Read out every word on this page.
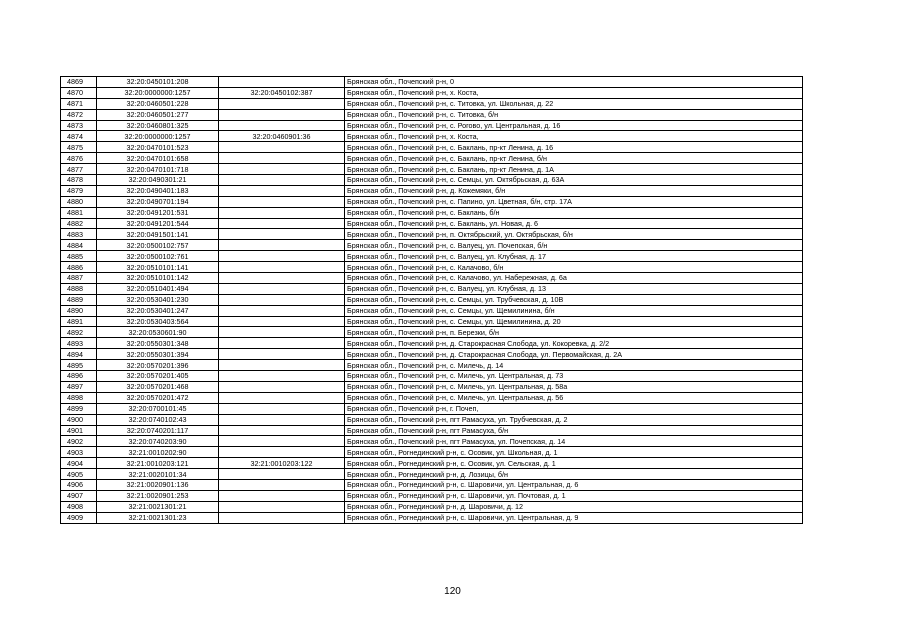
4869	32:20:0450101:208		Брянская обл., Почепский р-н, 0
4870	32:20:0000000:1257	32:20:0450102:387	Брянская обл., Почепский р-н, х. Коста,
4871	32:20:0460501:228		Брянская обл., Почепский р-н, с. Титовка, ул. Школьная, д. 22
4872	32:20:0460501:277		Брянская обл., Почепский р-н, с. Титовка, б/н
4873	32:20:0460801:325		Брянская обл., Почепский р-н, с. Рогово, ул. Центральная, д. 16
4874	32:20:0000000:1257	32:20:0460901:36	Брянская обл., Почепский р-н, х. Коста,
4875	32:20:0470101:523		Брянская обл., Почепский р-н, с. Баклань, пр-кт Ленина, д. 16
4876	32:20:0470101:658		Брянская обл., Почепский р-н, с. Баклань, пр-кт Ленина, б/н
4877	32:20:0470101:718		Брянская обл., Почепский р-н, с. Баклань, пр-кт Ленина, д. 1А
4878	32:20:0490301:21		Брянская обл., Почепский р-н, с. Семцы, ул. Октябрьская, д. 63А
4879	32:20:0490401:183		Брянская обл., Почепский р-н, д. Кожемяки, б/н
4880	32:20:0490701:194		Брянская обл., Почепский р-н, с. Папино, ул. Цветная, б/н, стр. 17А
4881	32:20:0491201:531		Брянская обл., Почепский р-н, с. Баклань, б/н
4882	32:20:0491201:544		Брянская обл., Почепский р-н, с. Баклань, ул. Новая, д. 6
4883	32:20:0491501:141		Брянская обл., Почепский р-н, п. Октябрьский, ул. Октябрьская, б/н
4884	32:20:0500102:757		Брянская обл., Почепский р-н, с. Валуец, ул. Почепская, б/н
4885	32:20:0500102:761		Брянская обл., Почепский р-н, с. Валуец, ул. Клубная, д. 17
4886	32:20:0510101:141		Брянская обл., Почепский р-н, с. Калачово, б/н
4887	32:20:0510101:142		Брянская обл., Почепский р-н, с. Калачово, ул. Набережная, д. 6а
4888	32:20:0510401:494		Брянская обл., Почепский р-н, с. Валуец, ул. Клубная, д. 13
4889	32:20:0530401:230		Брянская обл., Почепский р-н, с. Семцы, ул. Трубчевская, д. 10В
4890	32:20:0530401:247		Брянская обл., Почепский р-н, с. Семцы, ул. Щемилинина, б/н
4891	32:20:0530403:564		Брянская обл., Почепский р-н, с. Семцы, ул. Щемилинина, д. 20
4892	32:20:0530601:90		Брянская обл., Почепский р-н, п. Березки, б/н
4893	32:20:0550301:348		Брянская обл., Почепский р-н, д. Старокрасная Слобода, ул. Кокоревка, д. 2/2
4894	32:20:0550301:394		Брянская обл., Почепский р-н, д. Старокрасная Слобода, ул. Первомайская, д. 2А
4895	32:20:0570201:396		Брянская обл., Почепский р-н, с. Милечь, д. 14
4896	32:20:0570201:405		Брянская обл., Почепский р-н, с. Милечь, ул. Центральная, д. 73
4897	32:20:0570201:468		Брянская обл., Почепский р-н, с. Милечь, ул. Центральная, д. 58а
4898	32:20:0570201:472		Брянская обл., Почепский р-н, с. Милечь, ул. Центральная, д. 56
4899	32:20:0700101:45		Брянская обл., Почепский р-н, г. Почеп,
4900	32:20:0740102:43		Брянская обл., Почепский р-н, пгт Рамасуха, ул. Трубчевская, д. 2
4901	32:20:0740201:117		Брянская обл., Почепский р-н, пгт Рамасуха, б/н
4902	32:20:0740203:90		Брянская обл., Почепский р-н, пгт Рамасуха, ул. Почепская, д. 14
4903	32:21:0010202:90		Брянская обл., Рогнединский р-н, с. Осовик, ул. Школьная, д. 1
4904	32:21:0010203:121	32:21:0010203:122	Брянская обл., Рогнединский р-н, с. Осовик, ул. Сельская, д. 1
4905	32:21:0020101:34		Брянская обл., Рогнединский р-н, д. Лозицы, б/н
4906	32:21:0020901:136		Брянская обл., Рогнединский р-н, с. Шаровичи, ул. Центральная, д. 6
4907	32:21:0020901:253		Брянская обл., Рогнединский р-н, с. Шаровичи, ул. Почтовая, д. 1
4908	32:21:0021301:21		Брянская обл., Рогнединский р-н, д. Шаровичи, д. 12
4909	32:21:0021301:23		Брянская обл., Рогнединский р-н, с. Шаровичи, ул. Центральная, д. 9
120
